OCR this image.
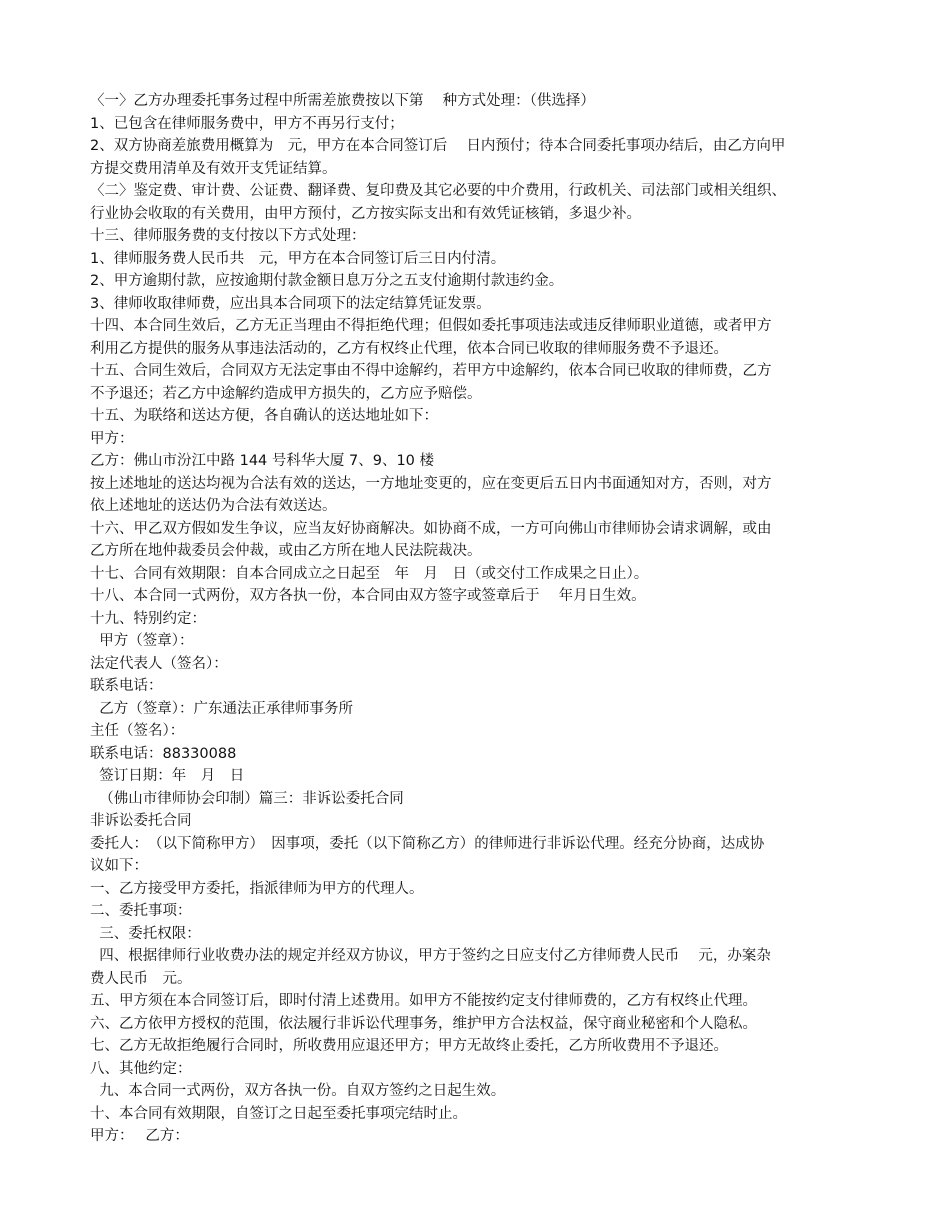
〈一〉乙方办理委托事务过程中所需差旅费按以下第　 种方式处理：（供选择）

1、已包含在律师服务费中，甲方不再另行支付；

2、双方协商差旅费用概算为　元，甲方在本合同签订后　 日内预付；待本合同委托事项办结后，由乙方向甲

方提交费用清单及有效开支凭证结算。

〈二〉鉴定费、审计费、公证费、翻译费、复印费及其它必要的中介费用，行政机关、司法部门或相关组织、

行业协会收取的有关费用，由甲方预付，乙方按实际支出和有效凭证核销，多退少补。

十三、律师服务费的支付按以下方式处理：

1、律师服务费人民币共　元，甲方在本合同签订后三日内付清。

2、甲方逾期付款，应按逾期付款金额日息万分之五支付逾期付款违约金。

3、律师收取律师费，应出具本合同项下的法定结算凭证发票。

十四、本合同生效后，乙方无正当理由不得拒绝代理；但假如委托事项违法或违反律师职业道德，或者甲方

利用乙方提供的服务从事违法活动的，乙方有权终止代理，依本合同已收取的律师服务费不予退还。

十五、合同生效后，合同双方无法定事由不得中途解约，若甲方中途解约，依本合同已收取的律师费，乙方

不予退还；若乙方中途解约造成甲方损失的，乙方应予赔偿。

十五、为联络和送达方便，各自确认的送达地址如下：

甲方：

乙方：佛山市汾江中路 144 号科华大厦 7、9、10 楼

按上述地址的送达均视为合法有效的送达，一方地址变更的，应在变更后五日内书面通知对方，否则，对方

依上述地址的送达仍为合法有效送达。

十六、甲乙双方假如发生争议，应当友好协商解决。如协商不成，一方可向佛山市律师协会请求调解，或由

乙方所在地仲裁委员会仲裁，或由乙方所在地人民法院裁决。

十七、合同有效期限：自本合同成立之日起至　年　月　日（或交付工作成果之日止）。

十八、本合同一式两份，双方各执一份，本合同由双方签字或签章后于　 年月日生效。

十九、特别约定：

甲方（签章）：

法定代表人（签名）：

联系电话：

乙方（签章）：广东通法正承律师事务所

主任（签名）：

联系电话：88330088

签订日期：年　月　日

（佛山市律师协会印制）篇三：非诉讼委托合同

非诉讼委托合同

委托人：　（以下简称甲方）　因事项，委托（以下简称乙方）的律师进行非诉讼代理。经充分协商，达成协

议如下：

一、乙方接受甲方委托，指派律师为甲方的代理人。

二、委托事项：

三、委托权限：

四、根据律师行业收费办法的规定并经双方协议，甲方于签约之日应支付乙方律师费人民币　 元，办案杂

费人民币　元。

五、甲方须在本合同签订后，即时付清上述费用。如甲方不能按约定支付律师费的，乙方有权终止代理。

六、乙方依甲方授权的范围，依法履行非诉讼代理事务，维护甲方合法权益，保守商业秘密和个人隐私。

七、乙方无故拒绝履行合同时，所收费用应退还甲方；甲方无故终止委托，乙方所收费用不予退还。

八、其他约定：

九、本合同一式两份，双方各执一份。自双方签约之日起生效。

十、本合同有效期限，自签订之日起至委托事项完结时止。

甲方：　 乙方：
